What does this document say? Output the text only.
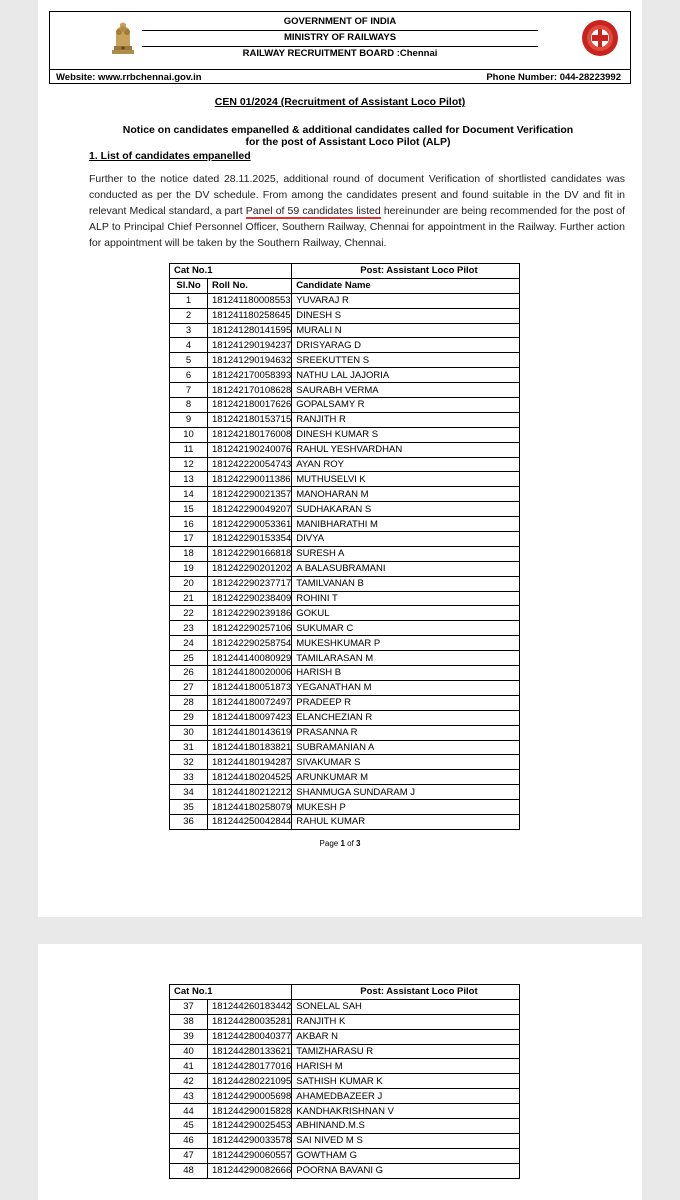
GOVERNMENT OF INDIA
MINISTRY OF RAILWAYS
RAILWAY RECRUITMENT BOARD :Chennai
Website: www.rrbchennai.gov.in	Phone Number: 044-28223992
CEN 01/2024 (Recruitment of Assistant Loco Pilot)
Notice on candidates empanelled & additional candidates called for Document Verification
for the post of Assistant Loco Pilot (ALP)
1. List of candidates empanelled
Further to the notice dated 28.11.2025, additional round of document Verification of shortlisted candidates was conducted as per the DV schedule. From among the candidates present and found suitable in the DV and fit in relevant Medical standard, a part Panel of 59 candidates listed hereinunder are being recommended for the post of ALP to Principal Chief Personnel Officer, Southern Railway, Chennai for appointment in the Railway. Further action for appointment will be taken by the Southern Railway, Chennai.
Cat No.1		Post: Assistant Loco Pilot
Sl.No	Roll No.	Candidate Name
1	181241180008553	YUVARAJ R
2	181241180258645	DINESH S
3	181241280141595	MURALI N
4	181241290194237	DRISYARAG D
5	181241290194632	SREEKUTTEN S
6	181242170058393	NATHU LAL JAJORIA
7	181242170108628	SAURABH VERMA
8	181242180017626	GOPALSAMY R
9	181242180153715	RANJITH R
10	181242180176008	DINESH KUMAR S
11	181242190240076	RAHUL YESHVARDHAN
12	181242220054743	AYAN ROY
13	181242290011386	MUTHUSELVI K
14	181242290021357	MANOHARAN M
15	181242290049207	SUDHAKARAN S
16	181242290053361	MANIBHARATHI M
17	181242290153354	DIVYA
18	181242290166818	SURESH A
19	181242290201202	A BALASUBRAMANI
20	181242290237717	TAMILVANAN B
21	181242290238409	ROHINI T
22	181242290239186	GOKUL
23	181242290257106	SUKUMAR C
24	181242290258754	MUKESHKUMAR P
25	181244140080929	TAMILARASAN M
26	181244180020006	HARISH B
27	181244180051873	YEGANATHAN M
28	181244180072497	PRADEEP R
29	181244180097423	ELANCHEZIAN R
30	181244180143619	PRASANNA R
31	181244180183821	SUBRAMANIAN A
32	181244180194287	SIVAKUMAR S
33	181244180204525	ARUNKUMAR M
34	181244180212212	SHANMUGA SUNDARAM J
35	181244180258079	MUKESH P
36	181244250042844	RAHUL KUMAR
Page 1 of 3
Cat No.1		Post: Assistant Loco Pilot
37	181244260183442	SONELAL SAH
38	181244280035281	RANJITH K
39	181244280040377	AKBAR N
40	181244280133621	TAMIZHARASU R
41	181244280177016	HARISH M
42	181244280221095	SATHISH KUMAR K
43	181244290005698	AHAMEDBAZEER J
44	181244290015828	KANDHAKRISHNAN V
45	181244290025453	ABHINAND.M.S
46	181244290033578	SAI NIVED M S
47	181244290060557	GOWTHAM G
48	181244290082666	POORNA BAVANI G
